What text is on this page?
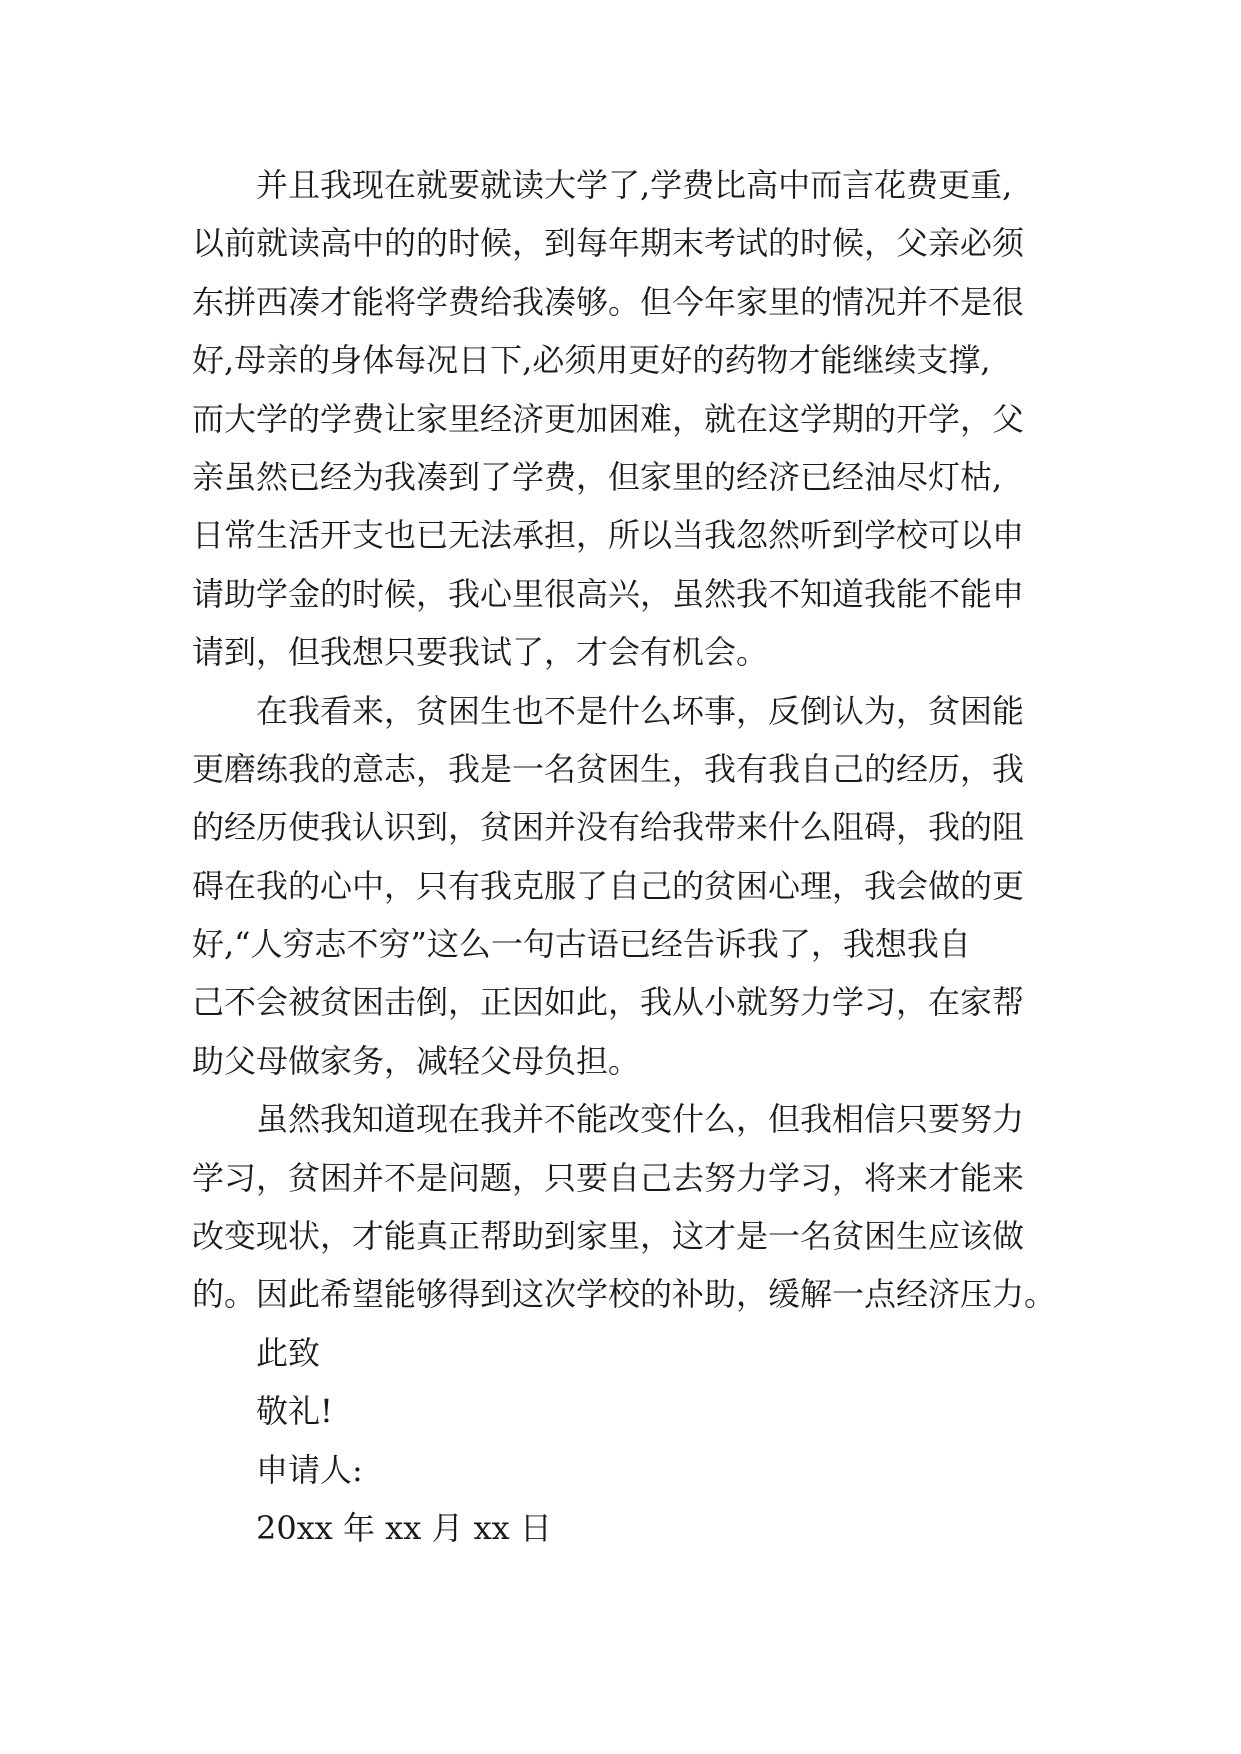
并且我现在就要就读大学了,学费比高中而言花费更重,
以前就读高中的的时候，到每年期末考试的时候，父亲必须
东拼西凑才能将学费给我凑够。但今年家里的情况并不是很
好,母亲的身体每况日下,必须用更好的药物才能继续支撑,
而大学的学费让家里经济更加困难，就在这学期的开学，父
亲虽然已经为我凑到了学费，但家里的经济已经油尽灯枯,
日常生活开支也已无法承担，所以当我忽然听到学校可以申
请助学金的时候，我心里很高兴，虽然我不知道我能不能申
请到，但我想只要我试了，才会有机会。
在我看来，贫困生也不是什么坏事，反倒认为，贫困能
更磨练我的意志，我是一名贫困生，我有我自己的经历，我
的经历使我认识到，贫困并没有给我带来什么阻碍，我的阻
碍在我的心中，只有我克服了自己的贫困心理，我会做的更
好,“人穷志不穷”这么一句古语已经告诉我了，我想我自
己不会被贫困击倒，正因如此，我从小就努力学习，在家帮
助父母做家务，减轻父母负担。
虽然我知道现在我并不能改变什么，但我相信只要努力
学习，贫困并不是问题，只要自己去努力学习，将来才能来
改变现状，才能真正帮助到家里，这才是一名贫困生应该做
的。因此希望能够得到这次学校的补助，缓解一点经济压力。
此致
敬礼!
申请人:
20xx 年 xx 月 xx 日
